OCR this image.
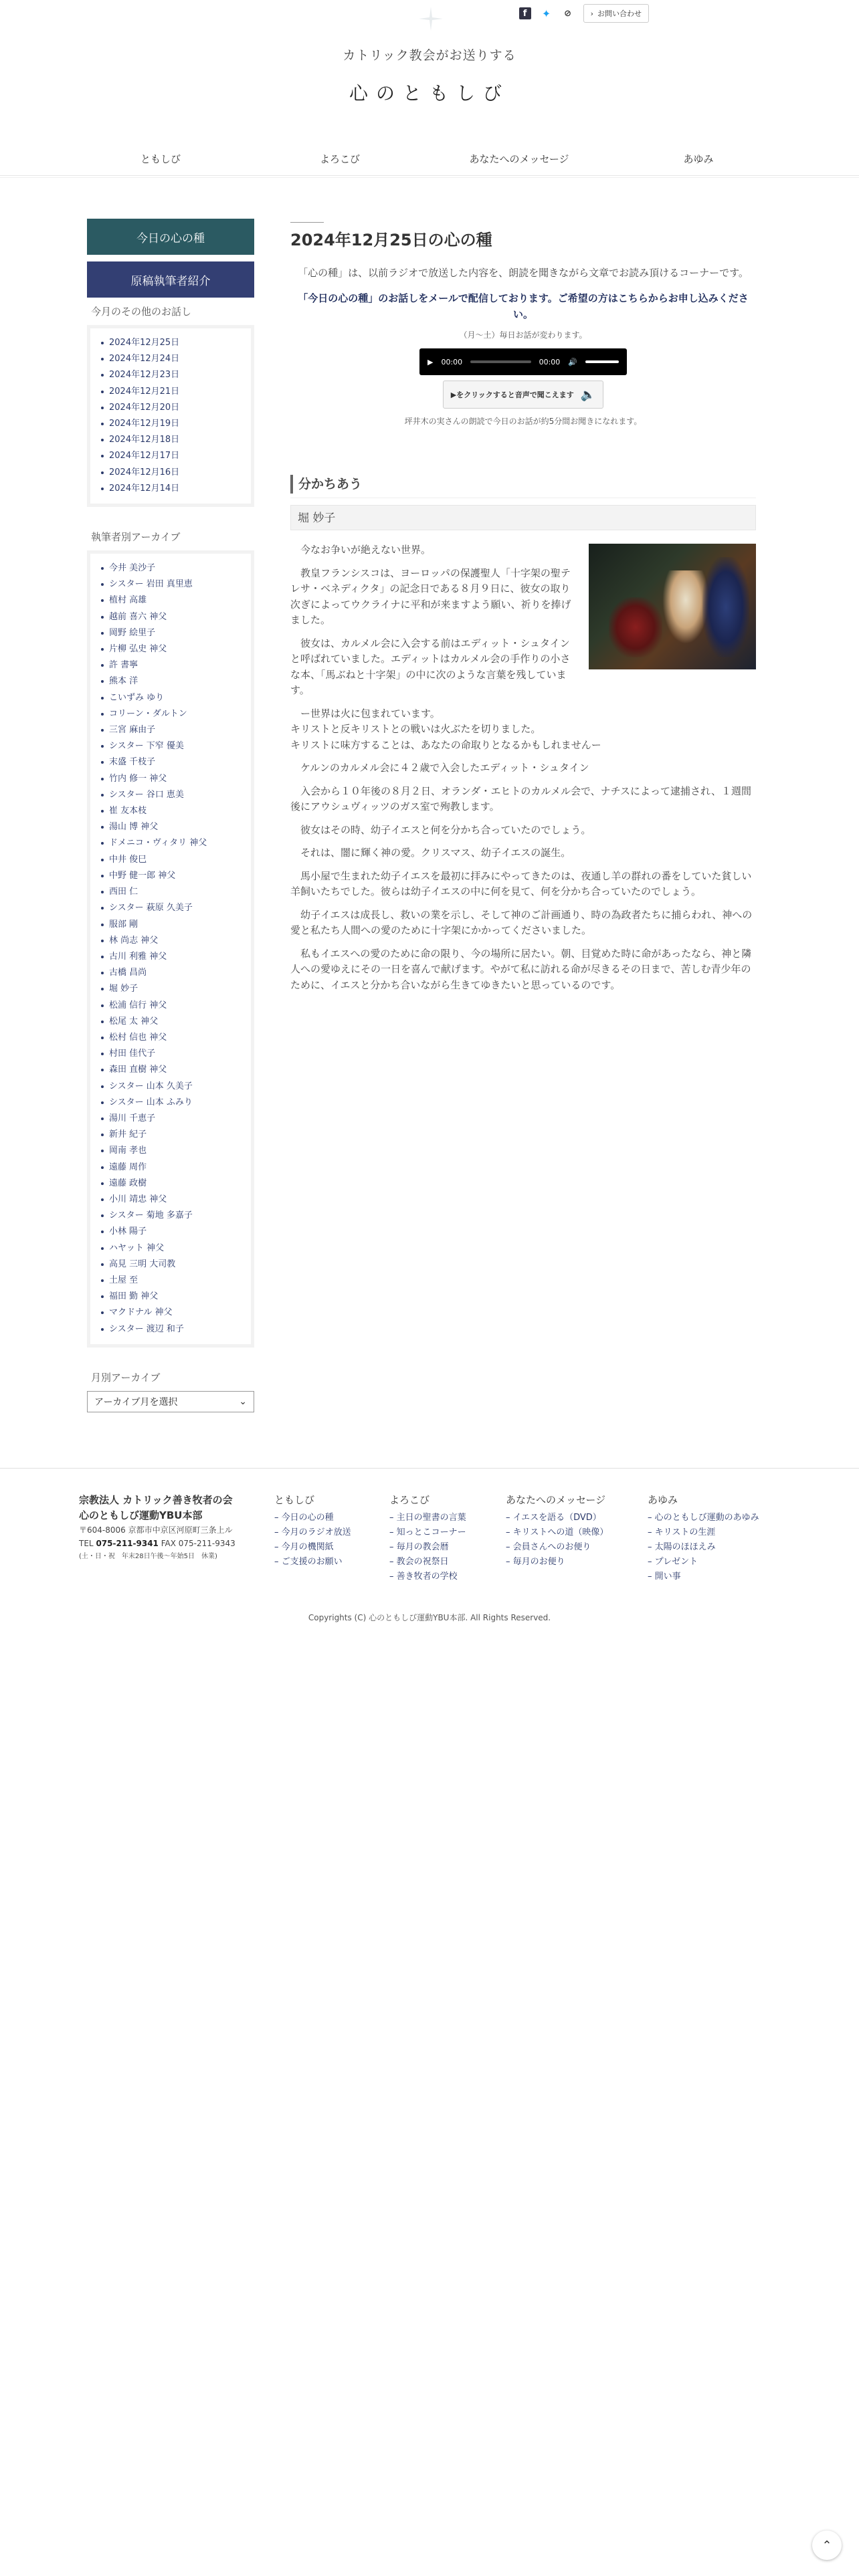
f	✦ ⊘	› お問い合わせ
カトリック教会がお送りする
心のともしび
ともしび	よろこび	あなたへのメッセージ	あゆみ
今日の心の種
原稿執筆者紹介
今月のその他のお話し
2024年12月25日
2024年12月24日
2024年12月23日
2024年12月21日
2024年12月20日
2024年12月19日
2024年12月18日
2024年12月17日
2024年12月16日
2024年12月14日
執筆者別アーカイブ
今井 美沙子
シスター 岩田 真里恵
植村 高雄
越前 喜六 神父
岡野 絵里子
片柳 弘史 神父
許 書寧
熊本 洋
こいずみ ゆり
コリーン・ダルトン
三宮 麻由子
シスター 下窄 優美
末盛 千枝子
竹内 修一 神父
シスター 谷口 恵美
崔 友本枝
湯山 博 神父
ドメニコ・ヴィタリ 神父
中井 俊巳
中野 健一郎 神父
西田 仁
シスター 萩原 久美子
服部 剛
林 尚志 神父
古川 利雅 神父
古橋 昌尚
堀 妙子
松浦 信行 神父
松尾 太 神父
松村 信也 神父
村田 佳代子
森田 直樹 神父
シスター 山本 久美子
シスター 山本 ふみり
湯川 千恵子
新井 紀子
岡南 孝也
遠藤 周作
遠藤 政樹
小川 靖忠 神父
シスター 菊地 多嘉子
小林 陽子
ハヤット 神父
高見 三明 大司教
土屋 至
福田 勤 神父
マクドナル 神父
シスター 渡辺 和子
月別アーカイブ
アーカイブ月を選択	⌄
2024年12月25日の心の種

「心の種」は、以前ラジオで放送した内容を、朗読を聞きながら文章でお読み頂けるコーナーです。

「今日の心の種」のお話しをメールで配信しております。ご希望の方はこちらからお申し込みください。

（月〜土）毎日お話が変わります。

▶ 00:00	00:00 🔊
▶をクリックすると音声で聞こえます 🔈

坪井木の実さんの朗読で今日のお話が約5分間お聞きになれます。

分かちあう
堀 妙子

今なお争いが絶えない世界。

教皇フランシスコは、ヨーロッパの保護聖人「十字架の聖テレサ・ベネディクタ」の記念日である８月９日に、彼女の取り次ぎによってウクライナに平和が来ますよう願い、祈りを捧げました。

彼女は、カルメル会に入会する前はエディット・シュタインと呼ばれていました。エディットはカルメル会の手作りの小さな本、「馬ぶねと十字架」の中に次のような言葉を残しています。

ー世界は火に包まれています。
キリストと反キリストとの戦いは火ぶたを切りました。
キリストに味方することは、あなたの命取りとなるかもしれませんー

ケルンのカルメル会に４２歳で入会したエディット・シュタイン

入会から１０年後の８月２日、オランダ・エヒトのカルメル会で、ナチスによって逮捕され、１週間後にアウシュヴィッツのガス室で殉教します。

彼女はその時、幼子イエスと何を分かち合っていたのでしょう。

それは、闇に輝く神の愛。クリスマス、幼子イエスの誕生。

馬小屋で生まれた幼子イエスを最初に拝みにやってきたのは、夜通し羊の群れの番をしていた貧しい羊飼いたちでした。彼らは幼子イエスの中に何を見て、何を分かち合っていたのでしょう。

幼子イエスは成長し、救いの業を示し、そして神のご計画通り、時の為政者たちに捕らわれ、神への愛と私たち人間への愛のために十字架にかかってくださいました。

私もイエスへの愛のために命の限り、今の場所に居たい。朝、目覚めた時に命があったなら、神と隣人への愛ゆえにその一日を喜んで献げます。やがて私に訪れる命が尽きるその日まで、苦しむ青少年のために、イエスと分かち合いながら生きてゆきたいと思っているのです。

宗教法人 カトリック善き牧者の会
心のともしび運動YBU本部
〒604-8006 京都市中京区河原町三条上ル
TEL 075-211-9341 FAX 075-211-9343
(土・日・祝　年末28日午後〜年始5日　休業)
ともしび
– 今日の心の種
– 今月のラジオ放送
– 今月の機関紙
– ご支援のお願い
よろこび
– 主日の聖書の言葉
– 知っとこコーナー
– 毎月の教会暦
– 教会の祝祭日
– 善き牧者の学校
あなたへのメッセージ
– イエスを語る（DVD）
– キリストへの道（映像）
– 会員さんへのお便り
– 毎月のお便り
あゆみ
– 心のともしび運動のあゆみ
– キリストの生涯
– 太陽のほほえみ
– プレゼント
– 開い事
Copyrights (C) 心のともしび運動YBU本部. All Rights Reserved.
⌃
